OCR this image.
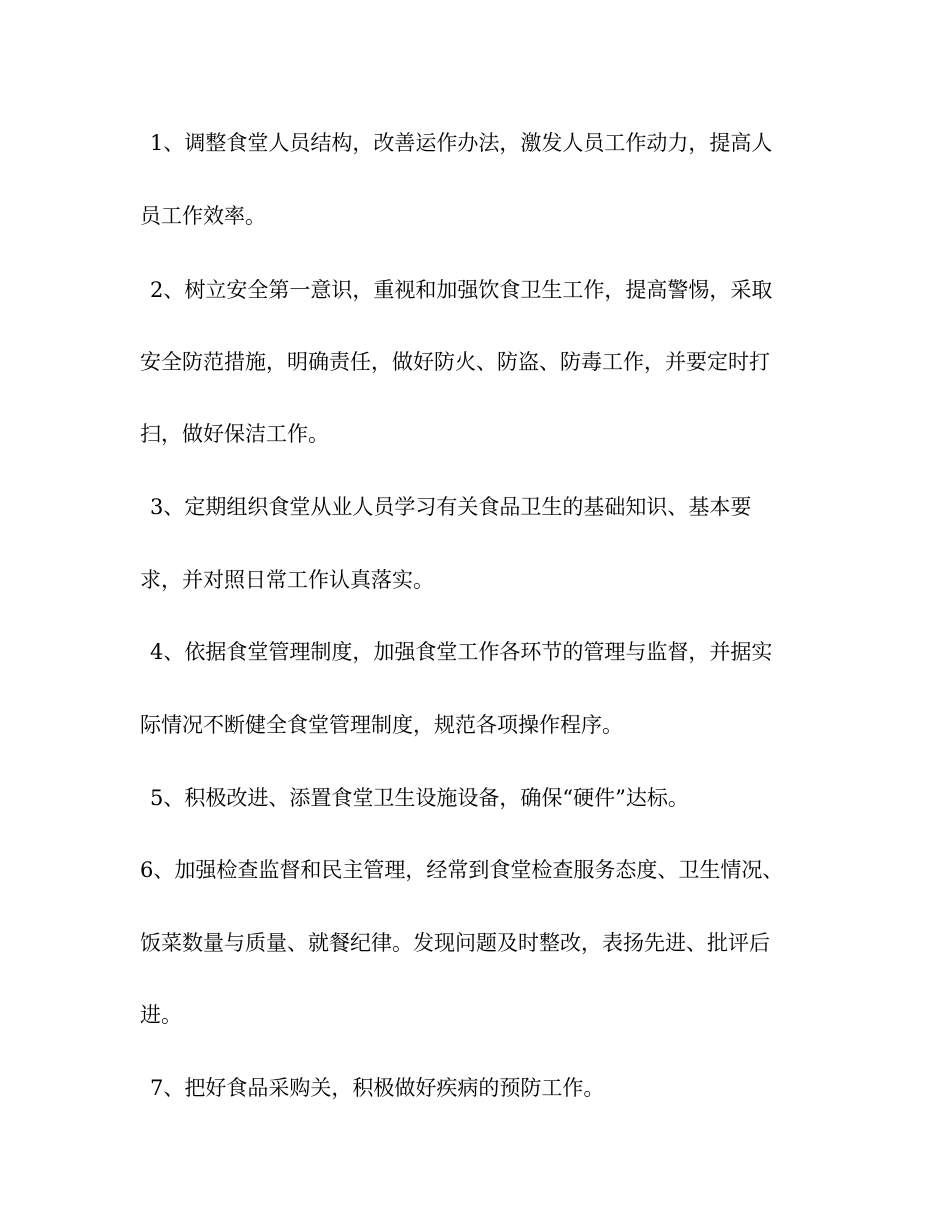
1、调整食堂人员结构，改善运作办法，激发人员工作动力，提高人
员工作效率。
2、树立安全第一意识，重视和加强饮食卫生工作，提高警惕，采取
安全防范措施，明确责任，做好防火、防盗、防毒工作，并要定时打
扫，做好保洁工作。
3、定期组织食堂从业人员学习有关食品卫生的基础知识、基本要
求，并对照日常工作认真落实。
4、依据食堂管理制度，加强食堂工作各环节的管理与监督，并据实
际情况不断健全食堂管理制度，规范各项操作程序。
5、积极改进、添置食堂卫生设施设备，确保“硬件”达标。
6、加强检查监督和民主管理，经常到食堂检查服务态度、卫生情况、
饭菜数量与质量、就餐纪律。发现问题及时整改，表扬先进、批评后
进。
7、把好食品采购关，积极做好疾病的预防工作。
